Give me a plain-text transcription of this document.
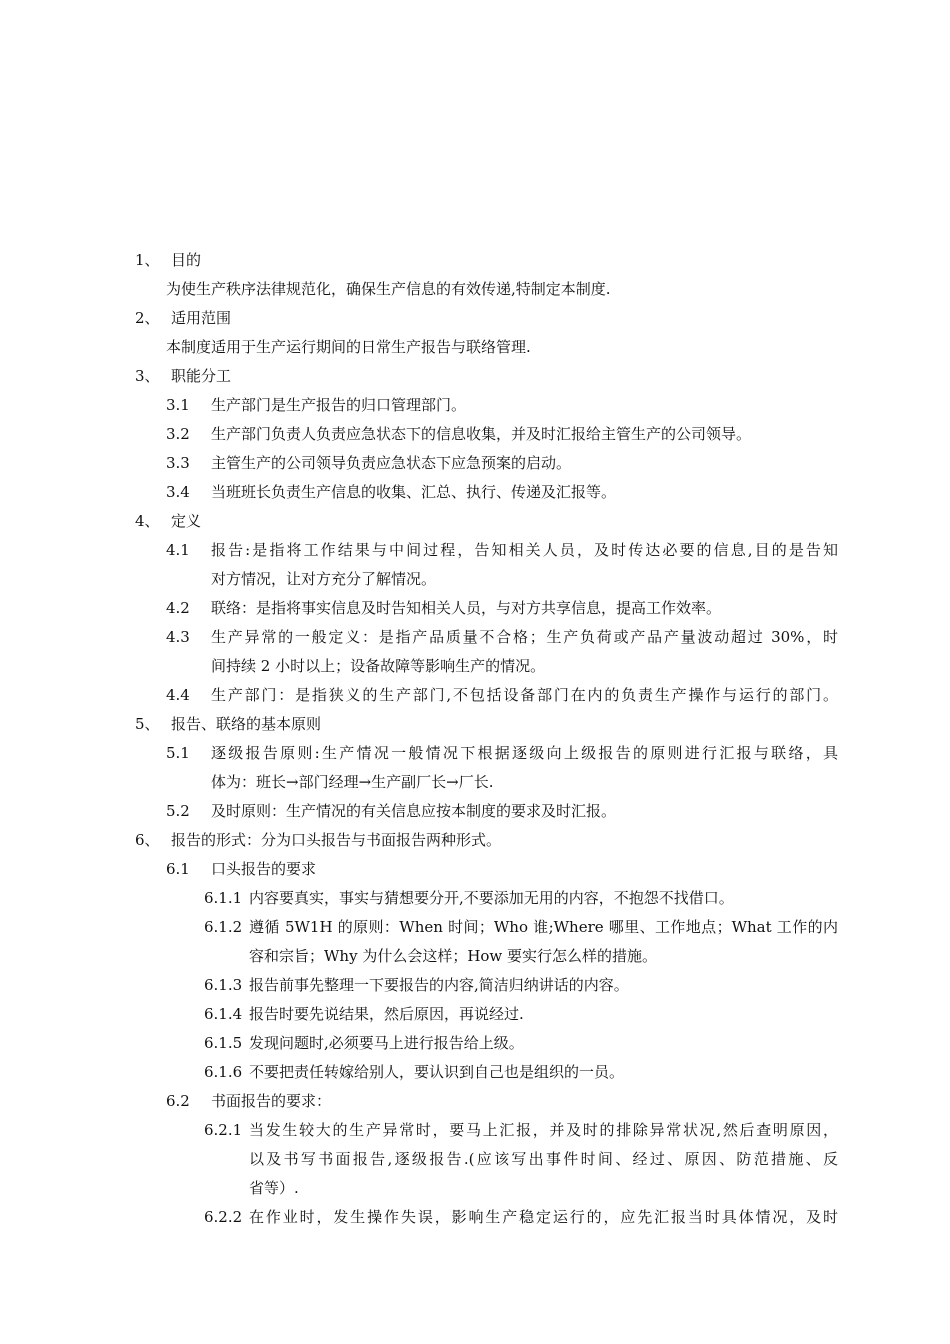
1、 目的
为使生产秩序法律规范化，确保生产信息的有效传递,特制定本制度.
2、 适用范围
本制度适用于生产运行期间的日常生产报告与联络管理.
3、 职能分工
3.1 生产部门是生产报告的归口管理部门。
3.2 生产部门负责人负责应急状态下的信息收集，并及时汇报给主管生产的公司领导。
3.3 主管生产的公司领导负责应急状态下应急预案的启动。
3.4 当班班长负责生产信息的收集、汇总、执行、传递及汇报等。
4、 定义
4.1 报告:是指将工作结果与中间过程，告知相关人员，及时传达必要的信息,目的是告知
对方情况，让对方充分了解情况。
4.2 联络：是指将事实信息及时告知相关人员，与对方共享信息，提高工作效率。
4.3 生产异常的一般定义：是指产品质量不合格；生产负荷或产品产量波动超过 30%，时
间持续 2 小时以上；设备故障等影响生产的情况。
4.4 生产部门：是指狭义的生产部门,不包括设备部门在内的负责生产操作与运行的部门。
5、 报告、联络的基本原则
5.1 逐级报告原则:生产情况一般情况下根据逐级向上级报告的原则进行汇报与联络，具
体为：班长→部门经理→生产副厂长→厂长.
5.2 及时原则：生产情况的有关信息应按本制度的要求及时汇报。
6、 报告的形式：分为口头报告与书面报告两种形式。
6.1 口头报告的要求
6.1.1 内容要真实，事实与猜想要分开,不要添加无用的内容，不抱怨不找借口。
6.1.2 遵循 5W1H 的原则：When 时间；Who 谁;Where 哪里、工作地点；What 工作的内
容和宗旨；Why 为什么会这样；How 要实行怎么样的措施。
6.1.3 报告前事先整理一下要报告的内容,简洁归纳讲话的内容。
6.1.4 报告时要先说结果，然后原因，再说经过.
6.1.5 发现问题时,必须要马上进行报告给上级。
6.1.6 不要把责任转嫁给别人，要认识到自己也是组织的一员。
6.2 书面报告的要求：
6.2.1 当发生较大的生产异常时，要马上汇报，并及时的排除异常状况,然后查明原因，
以及书写书面报告,逐级报告.(应该写出事件时间、经过、原因、防范措施、反
省等）.
6.2.2 在作业时，发生操作失误，影响生产稳定运行的，应先汇报当时具体情况，及时
